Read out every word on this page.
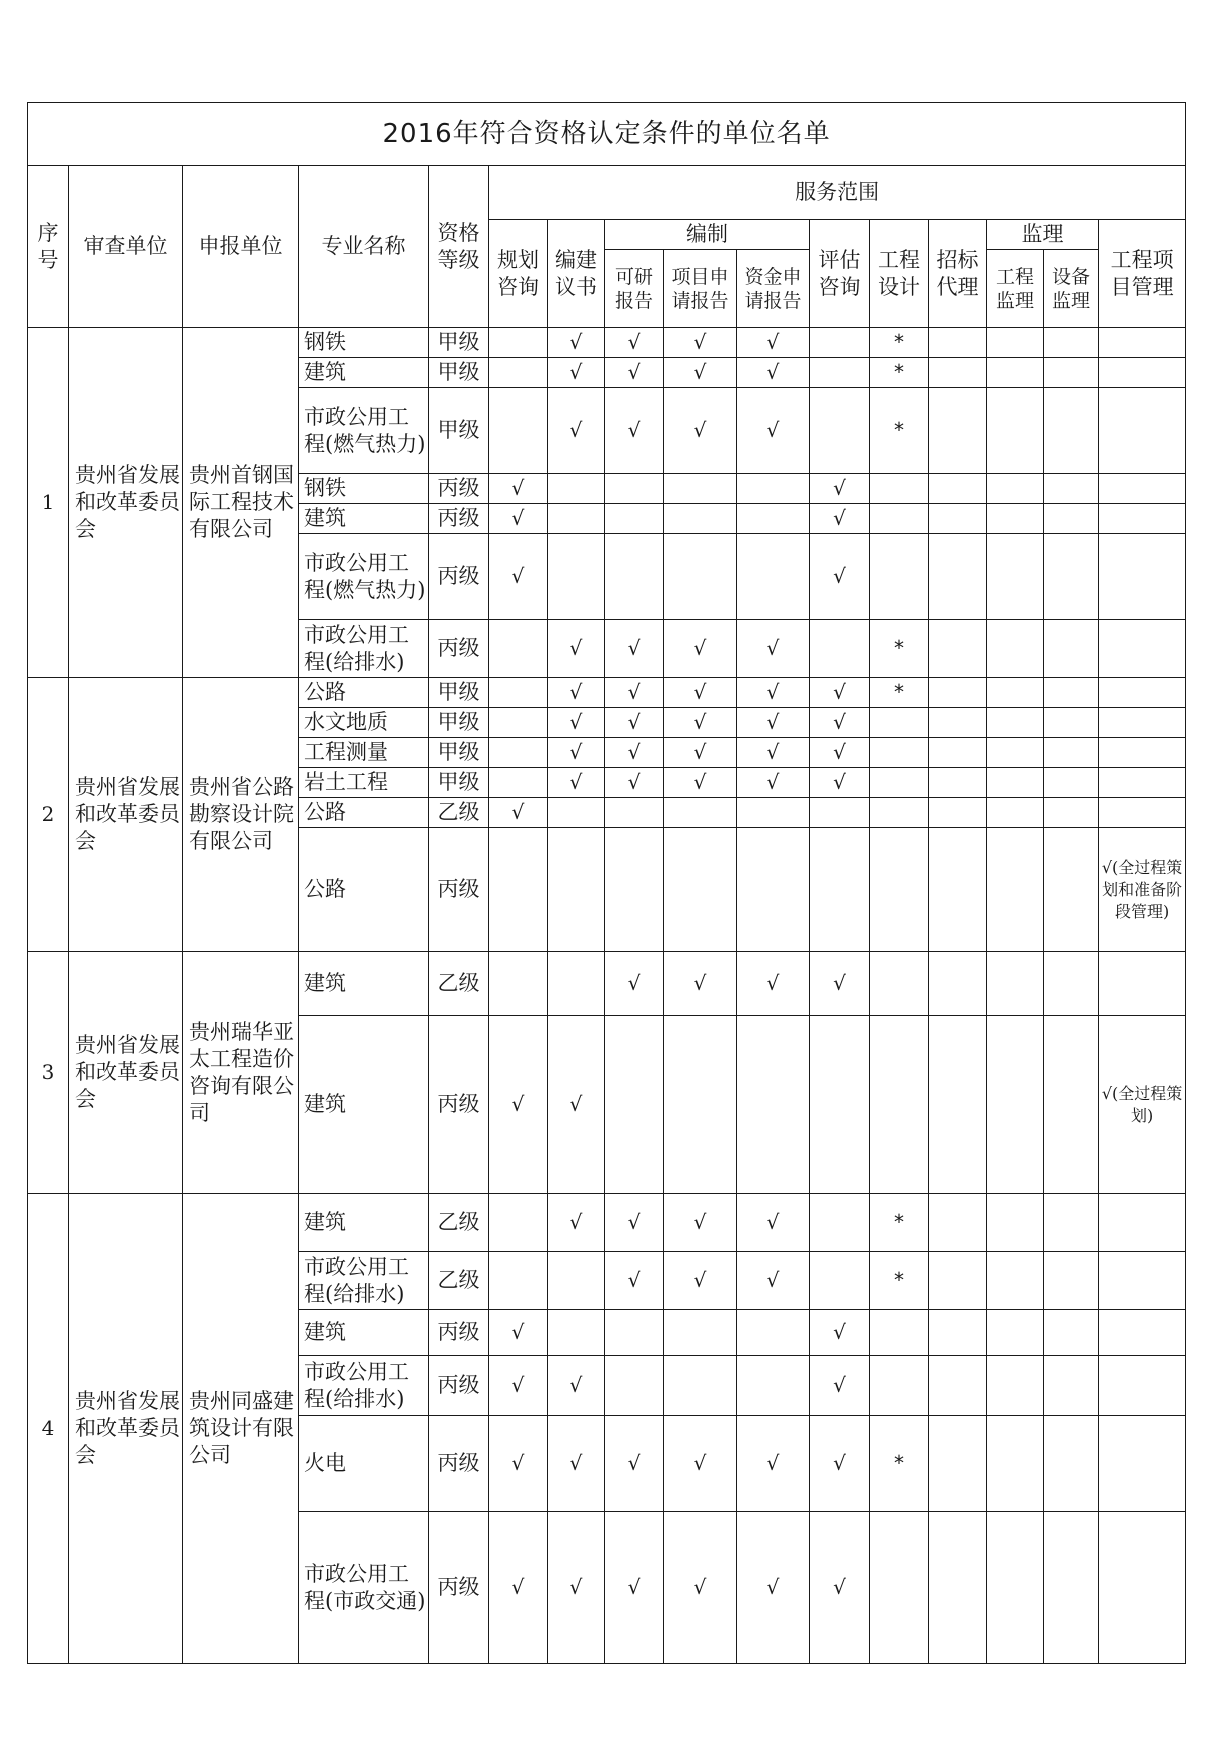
2016年符合资格认定条件的单位名单															
序号	审查单位	申报单位	专业名称	资格等级	服务范围										
					规划咨询	编建议书	编制			评估咨询	工程设计	招标代理	监理		工程项目管理
							可研报告	项目申请报告	资金申请报告				工程监理	设备监理	
1	贵州省发展和改革委员会	贵州首钢国际工程技术有限公司	钢铁	甲级		√	√	√	√		*				
			建筑	甲级		√	√	√	√		*				
			市政公用工程(燃气热力)	甲级		√	√	√	√		*				
			钢铁	丙级	√					√					
			建筑	丙级	√					√					
			市政公用工程(燃气热力)	丙级	√					√					
			市政公用工程(给排水)	丙级		√	√	√	√		*				
2	贵州省发展和改革委员会	贵州省公路勘察设计院有限公司	公路	甲级		√	√	√	√	√	*				
			水文地质	甲级		√	√	√	√	√					
			工程测量	甲级		√	√	√	√	√					
			岩土工程	甲级		√	√	√	√	√					
			公路	乙级	√										
			公路	丙级											√(全过程策划和准备阶段管理)
3	贵州省发展和改革委员会	贵州瑞华亚太工程造价咨询有限公司	建筑	乙级			√	√	√	√					
			建筑	丙级	√	√									√(全过程策划)
4	贵州省发展和改革委员会	贵州同盛建筑设计有限公司	建筑	乙级		√	√	√	√		*				
			市政公用工程(给排水)	乙级			√	√	√		*				
			建筑	丙级	√					√					
			市政公用工程(给排水)	丙级	√	√				√					
			火电	丙级	√	√	√	√	√	√	*				
			市政公用工程(市政交通)	丙级	√	√	√	√	√	√					
